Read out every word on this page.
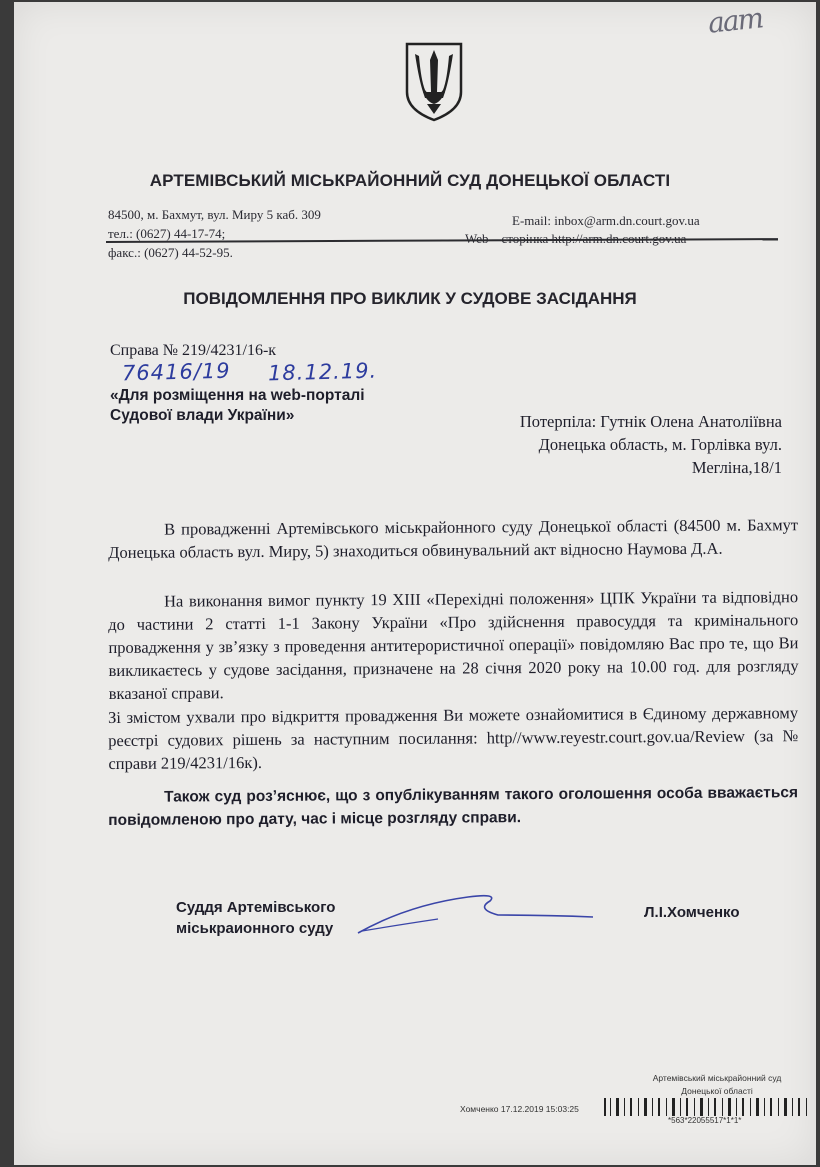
аат
АРТЕМІВСЬКИЙ МІСЬКРАЙОННИЙ СУД ДОНЕЦЬКОЇ ОБЛАСТІ
84500, м. Бахмут, вул. Миру 5 каб. 309
тел.: (0627) 44-17-74;
факс.: (0627) 44-52-95.
E-mail: inbox@arm.dn.court.gov.ua
Web – сторінка http://arm.dn.court.gov.ua
ПОВІДОМЛЕННЯ ПРО ВИКЛИК У СУДОВЕ ЗАСІДАННЯ
Справа № 219/4231/16-к
76416/19 18.12.19.
«Для розміщення на web-порталі
Судової влади України»	Потерпіла: Гутнік Олена Анатоліївна
Донецька область, м. Горлівка вул.
Мегліна,18/1
В провадженні Артемівського міськрайонного суду Донецької області (84500 м. Бахмут Донецька область вул. Миру, 5) знаходиться обвинувальний акт відносно Наумова Д.А.
На виконання вимог пункту 19 XIII «Перехідні положення» ЦПК України та відповідно до частини 2 статті 1-1 Закону України «Про здійснення правосуддя та кримінального провадження у зв’язку з проведення антитерористичної операції» повідомляю Вас про те, що Ви викликаєтесь у судове засідання, призначене на 28 січня 2020 року на 10.00 год. для розгляду вказаної справи.
Зі змістом ухвали про відкриття провадження Ви можете ознайомитися в Єдиному державному реєстрі судових рішень за наступним посилання: http//www.reyestr.court.gov.ua/Review (за № справи 219/4231/16к).
Також суд роз’яснює, що з опублікуванням такого оголошення особа вважається повідомленою про дату, час і місце розгляду справи.
Суддя Артемівського
міськраионного суду
Л.І.Хомченко
Артемівський міськрайонний суд
Донецької області
Хомченко 17.12.2019 15:03:25
*563*22055517*1*1*
